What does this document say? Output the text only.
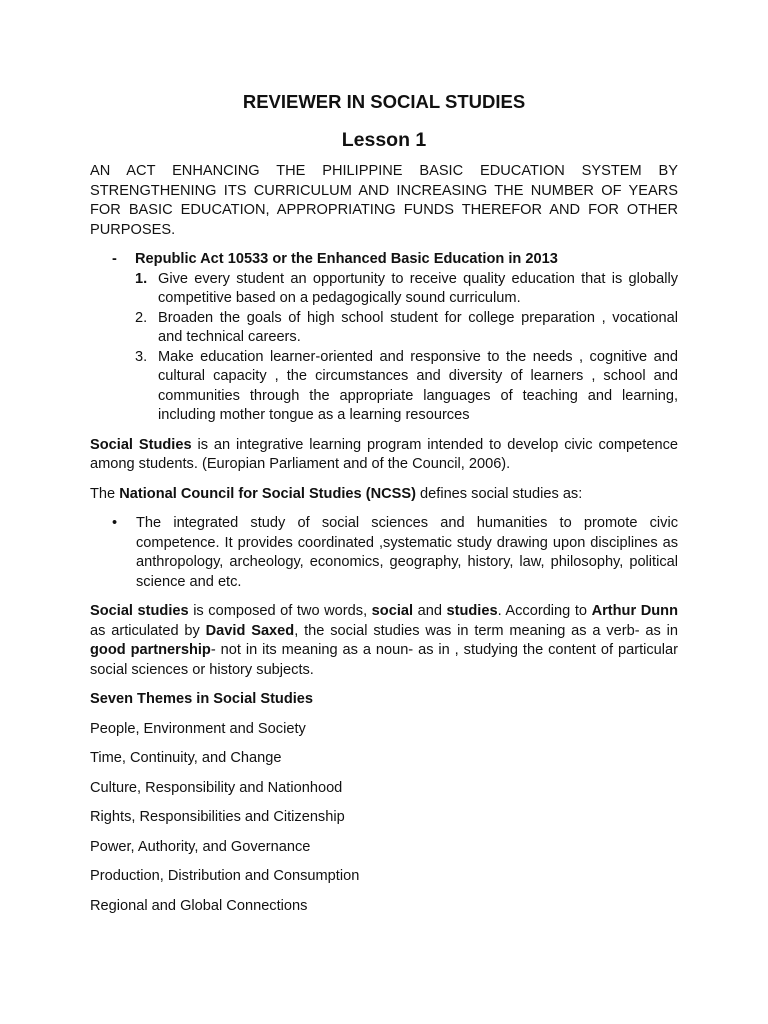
REVIEWER IN SOCIAL STUDIES
Lesson 1

AN ACT ENHANCING THE PHILIPPINE BASIC EDUCATION SYSTEM BY STRENGTHENING ITS CURRICULUM AND INCREASING THE NUMBER OF YEARS FOR BASIC EDUCATION, APPROPRIATING FUNDS THEREFOR AND FOR OTHER PURPOSES.

-	Republic Act 10533 or the Enhanced Basic Education in 2013
1. Give every student an opportunity to receive quality education that is globally competitive based on a pedagogically sound curriculum.
2. Broaden the goals of high school student for college preparation , vocational and technical careers.
3. Make education learner-oriented and responsive to the needs , cognitive and cultural capacity , the circumstances and diversity of learners , school and communities through the appropriate languages of teaching and learning, including mother tongue as a learning resources

Social Studies is an integrative learning program intended to develop civic competence among students. (Europian Parliament and of the Council, 2006).

The National Council for Social Studies (NCSS) defines social studies as:

•	The integrated study of social sciences and humanities to promote civic competence. It provides coordinated ,systematic study drawing upon disciplines as anthropology, archeology, economics, geography, history, law, philosophy, political science and etc.

Social studies is composed of two words, social and studies. According to Arthur Dunn as articulated by David Saxed, the social studies was in term meaning as a verb- as in good partnership- not in its meaning as a noun- as in , studying the content of particular social sciences or history subjects.

Seven Themes in Social Studies
People, Environment and Society
Time, Continuity, and Change
Culture, Responsibility and Nationhood
Rights, Responsibilities and Citizenship
Power, Authority, and Governance
Production, Distribution and Consumption
Regional and Global Connections
